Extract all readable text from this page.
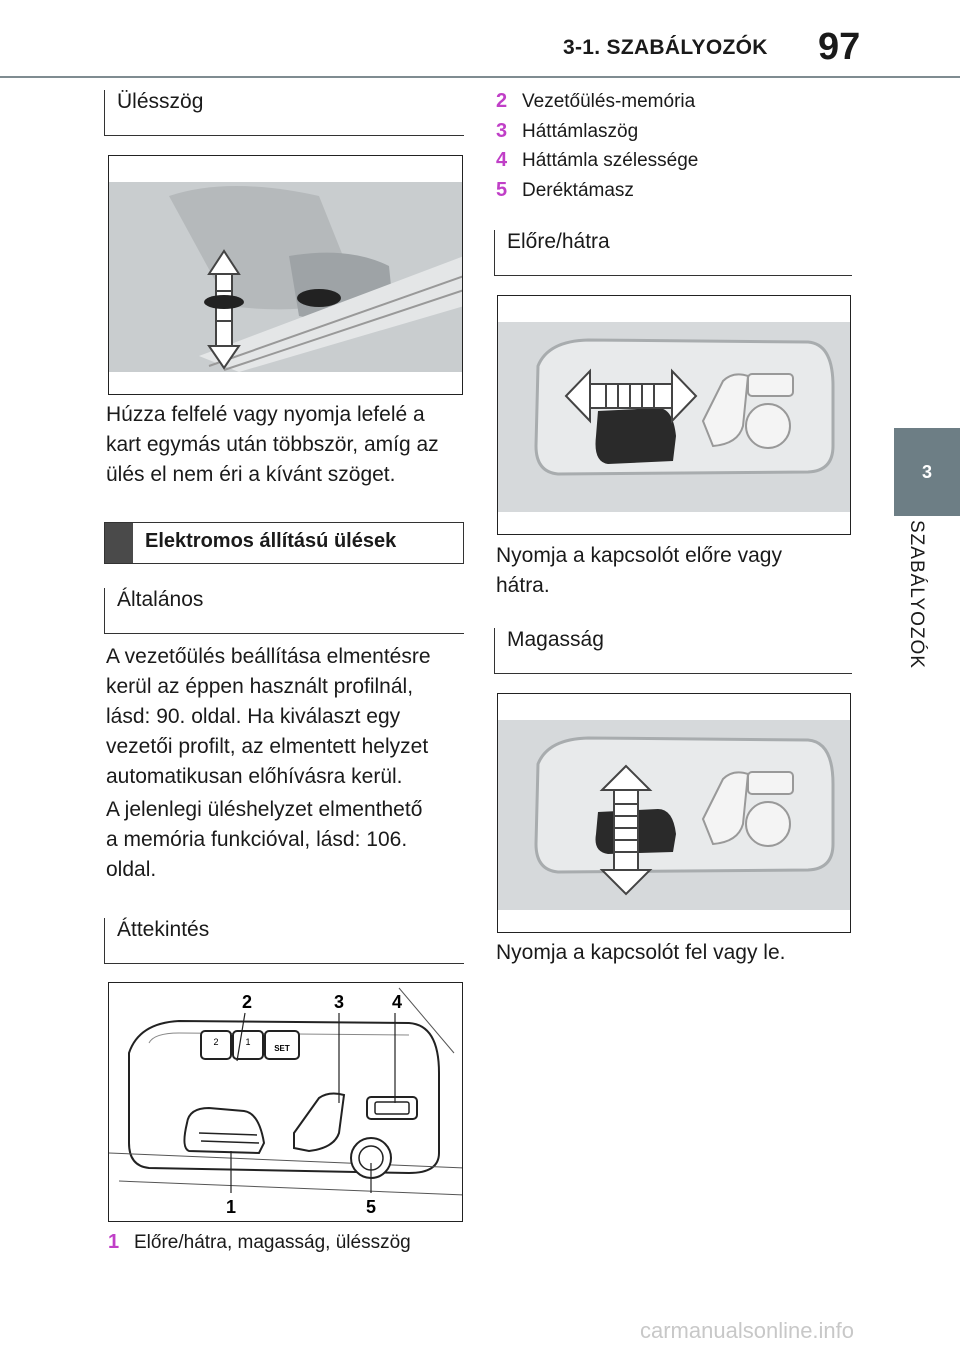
3-1. SZABÁLYOZÓK	97
3
SZABÁLYOZÓK
Ülésszög
Húzza felfelé vagy nyomja lefelé a
kart egymás után többször, amíg az
ülés el nem éri a kívánt szöget.
Elektromos állítású ülések
Általános
A vezetőülés beállítása elmentésre
kerül az éppen használt profilnál,
lásd: 90. oldal. Ha kiválaszt egy
vezetői profilt, az elmentett helyzet
automatikusan előhívásra kerül.
A jelenlegi üléshelyzet elmenthető
a memória funkcióval, lásd: 106.
oldal.
Áttekintés
2	1
SET
2	3	4
1	5
1 Előre/hátra, magasság, ülésszög
2 Vezetőülés-memória
3 Háttámlaszög
4 Háttámla szélessége
5 Deréktámasz
Előre/hátra
Nyomja a kapcsolót előre vagy
hátra.
Magasság
Nyomja a kapcsolót fel vagy le.
carmanualsonline.info
